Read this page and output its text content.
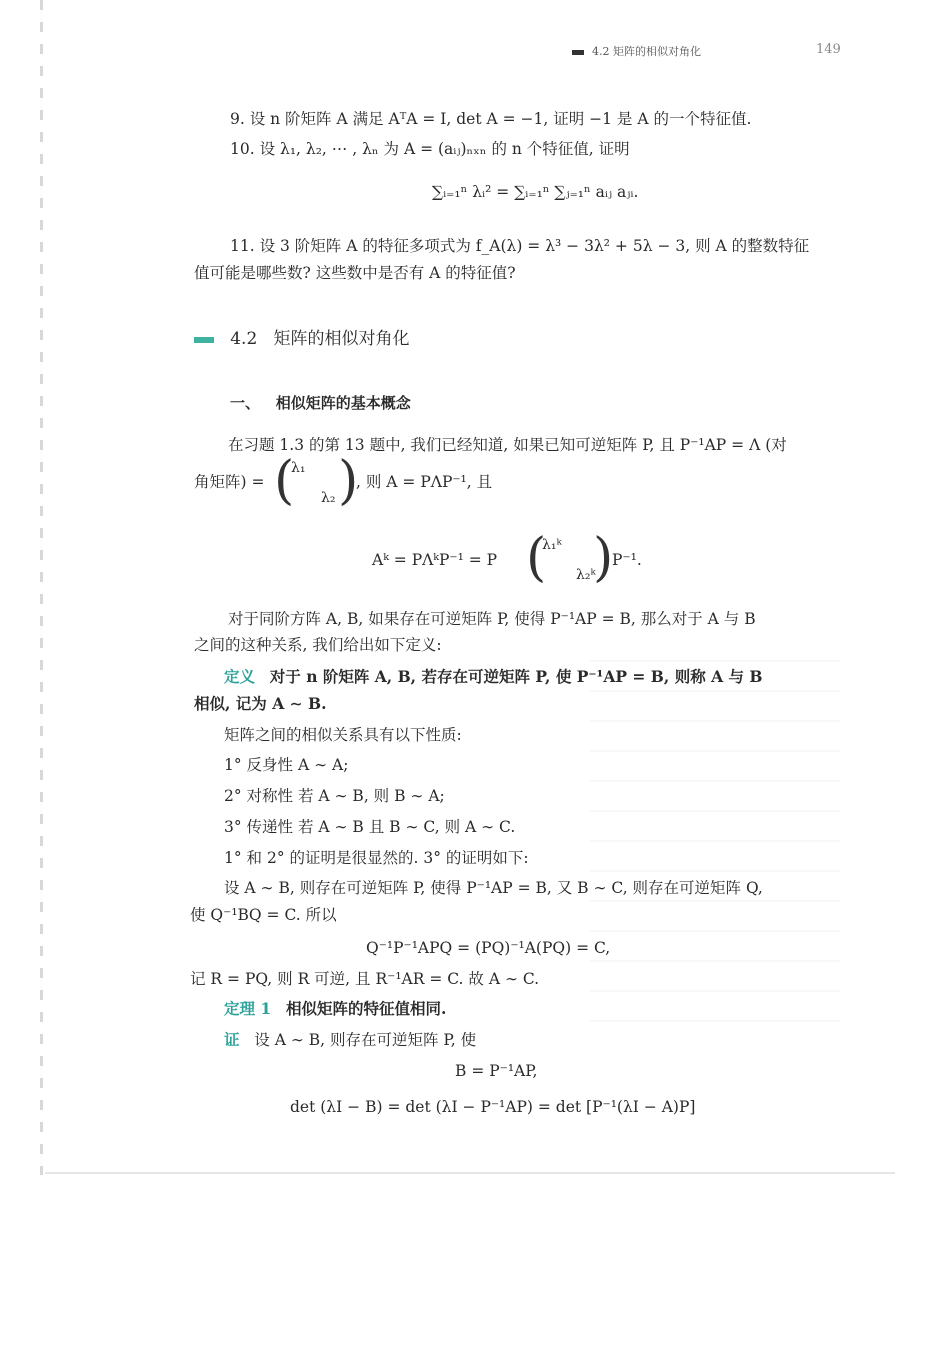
4.2 矩阵的相似对角化	149
9. 设 n 阶矩阵 A 满足 AᵀA = I, det A = −1, 证明 −1 是 A 的一个特征值.
10. 设 λ₁, λ₂, ⋯ , λₙ 为 A = (aᵢⱼ)ₙₓₙ 的 n 个特征值, 证明
∑ᵢ₌₁ⁿ λᵢ² = ∑ᵢ₌₁ⁿ ∑ⱼ₌₁ⁿ aᵢⱼ aⱼᵢ.
11. 设 3 阶矩阵 A 的特征多项式为 f_A(λ) = λ³ − 3λ² + 5λ − 3, 则 A 的整数特征
值可能是哪些数? 这些数中是否有 A 的特征值?
4.2 矩阵的相似对角化
一、 相似矩阵的基本概念
在习题 1.3 的第 13 题中, 我们已经知道, 如果已知可逆矩阵 P, 且 P⁻¹AP = Λ (对
角矩阵) = (
λ₁
λ₂ )
, 则 A = PΛP⁻¹, 且
Aᵏ = PΛᵏP⁻¹ = P (
λ₁ᵏ
λ₂ᵏ
)
P⁻¹.
对于同阶方阵 A, B, 如果存在可逆矩阵 P, 使得 P⁻¹AP = B, 那么对于 A 与 B
之间的这种关系, 我们给出如下定义:
定义 对于 n 阶矩阵 A, B, 若存在可逆矩阵 P, 使 P⁻¹AP = B, 则称 A 与 B
相似, 记为 A ∼ B.
矩阵之间的相似关系具有以下性质:
1° 反身性 A ∼ A;
2° 对称性 若 A ∼ B, 则 B ∼ A;
3° 传递性 若 A ∼ B 且 B ∼ C, 则 A ∼ C.
1° 和 2° 的证明是很显然的. 3° 的证明如下:
设 A ∼ B, 则存在可逆矩阵 P, 使得 P⁻¹AP = B, 又 B ∼ C, 则存在可逆矩阵 Q,
使 Q⁻¹BQ = C. 所以
Q⁻¹P⁻¹APQ = (PQ)⁻¹A(PQ) = C,
记 R = PQ, 则 R 可逆, 且 R⁻¹AR = C. 故 A ∼ C.
定理 1 相似矩阵的特征值相同.
证 设 A ∼ B, 则存在可逆矩阵 P, 使
B = P⁻¹AP,
det (λI − B) = det (λI − P⁻¹AP) = det [P⁻¹(λI − A)P]
